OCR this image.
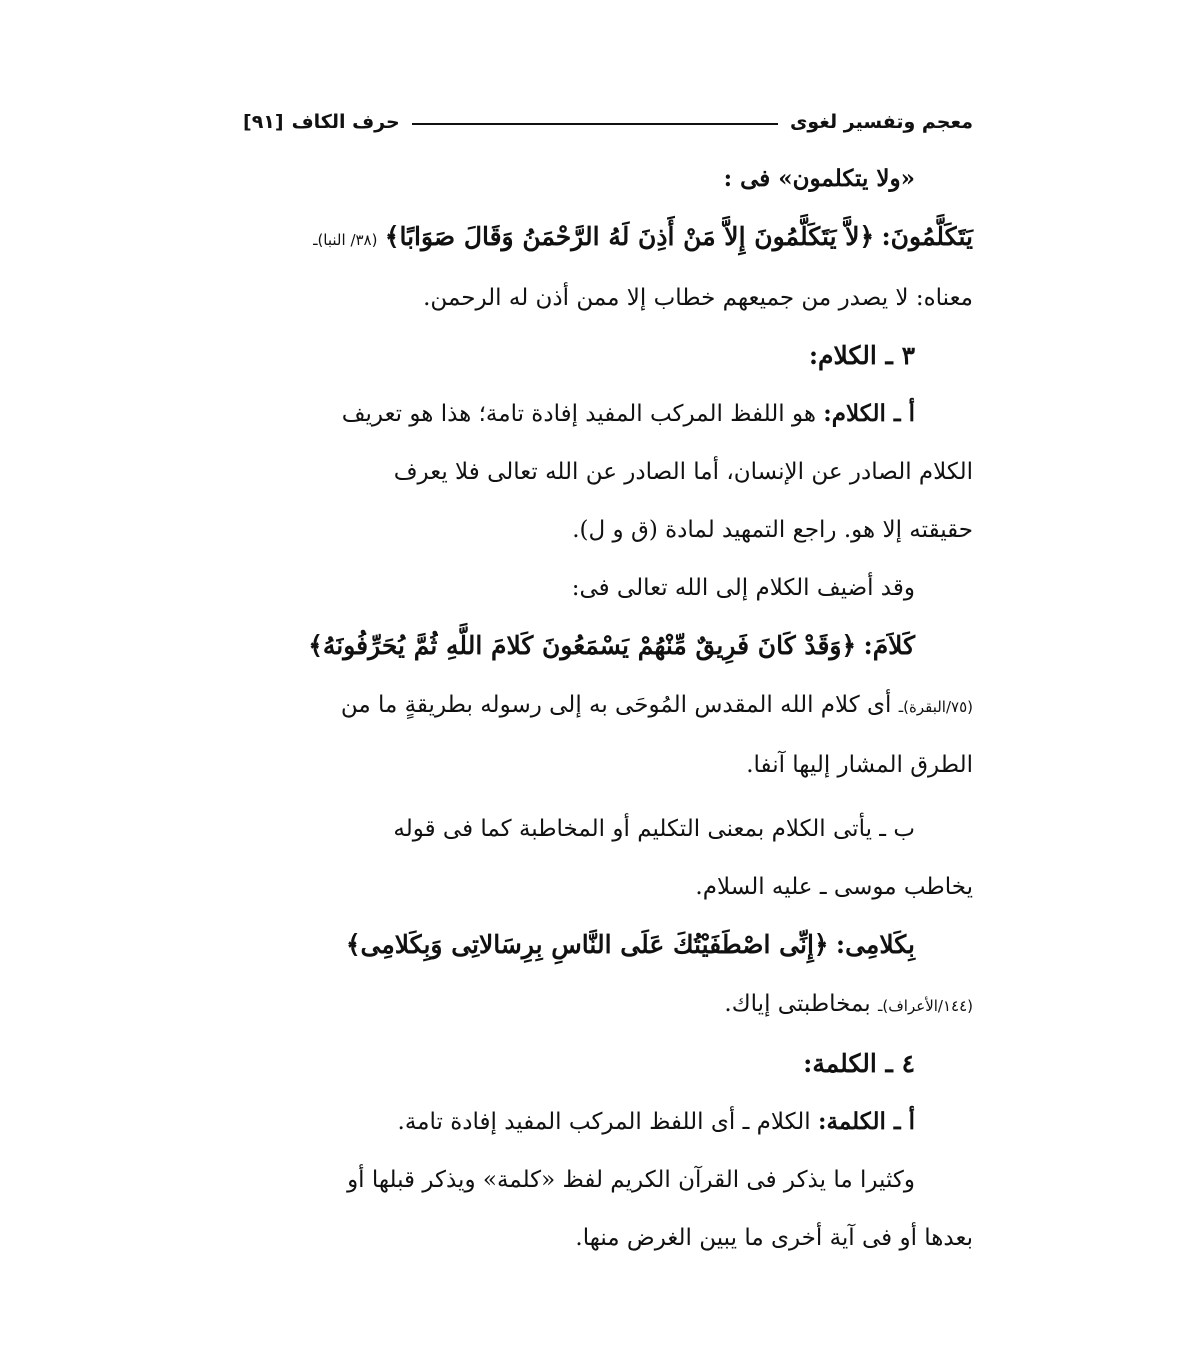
معجم وتفسير لغوى
حرف الكاف
[٩١]

«ولا يتكلمون» فى :

يَتَكَلَّمُونَ: ﴿لاَّ يَتَكَلَّمُونَ إِلاَّ مَنْ أَذِنَ لَهُ الرَّحْمَنُ وَقَالَ صَوَابًا﴾ (٣٨/ النبا)ـ

معناه: لا يصدر من جميعهم خطاب إلا ممن أذن له الرحمن.

٣ ـ الكلام:

أ ـ الكلام: هو اللفظ المركب المفيد إفادة تامة؛ هذا هو تعريف

الكلام الصادر عن الإنسان، أما الصادر عن الله تعالى فلا يعرف

حقيقته إلا هو. راجع التمهيد لمادة (ق و ل).

وقد أضيف الكلام إلى الله تعالى فى:

كَلاَمَ: ﴿وَقَدْ كَانَ فَرِيقٌ مِّنْهُمْ يَسْمَعُونَ كَلامَ اللَّهِ ثُمَّ يُحَرِّفُونَهُ﴾

(٧٥/البقرة)ـ أى كلام الله المقدس المُوحَى به إلى رسوله بطريقةٍ ما من

الطرق المشار إليها آنفا.

ب ـ يأتى الكلام بمعنى التكليم أو المخاطبة كما فى قوله

يخاطب موسى ـ عليه السلام.

بِكَلامِى: ﴿إِنِّى اصْطَفَيْتُكَ عَلَى النَّاسِ بِرِسَالاتِى وَبِكَلامِى﴾

(١٤٤/الأعراف)ـ بمخاطبتى إياك.

٤ ـ الكلمة:

أ ـ الكلمة: الكلام ـ أى اللفظ المركب المفيد إفادة تامة.

وكثيرا ما يذكر فى القرآن الكريم لفظ «كلمة» ويذكر قبلها أو

بعدها أو فى آية أخرى ما يبين الغرض منها.
